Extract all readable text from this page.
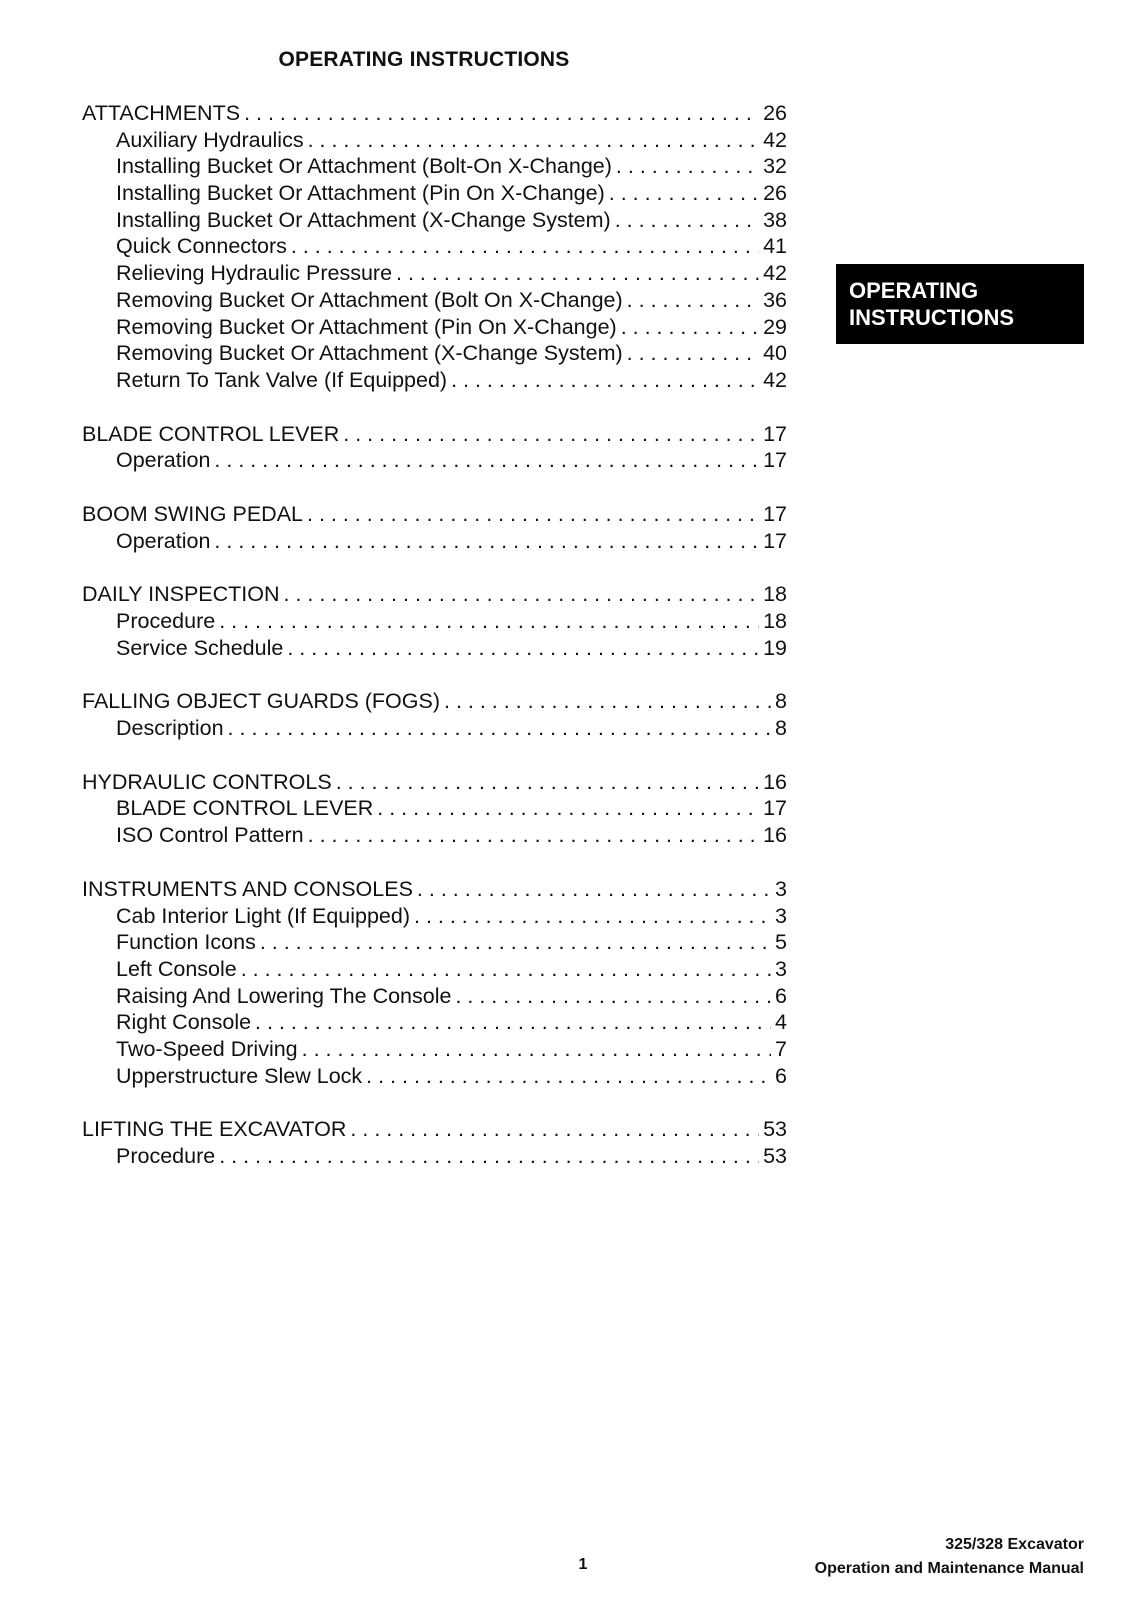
OPERATING INSTRUCTIONS
ATTACHMENTS . . .	26
Auxiliary Hydraulics . . .	42
Installing Bucket Or Attachment (Bolt-On X-Change) . . .	32
Installing Bucket Or Attachment (Pin On X-Change) . . .	26
Installing Bucket Or Attachment (X-Change System) . . .	38
Quick Connectors . . .	41
Relieving Hydraulic Pressure . . .	42
Removing Bucket Or Attachment (Bolt On X-Change) . . .	36
Removing Bucket Or Attachment (Pin On X-Change) . . .	29
Removing Bucket Or Attachment (X-Change System) . . .	40
Return To Tank Valve (If Equipped) . . .	42
BLADE CONTROL LEVER . . .	17
Operation . . .	17
BOOM SWING PEDAL . . .	17
Operation . . .	17
DAILY INSPECTION . . .	18
Procedure . . .	18
Service Schedule . . .	19
FALLING OBJECT GUARDS (FOGS) . . .	8
Description . . .	8
HYDRAULIC CONTROLS . . .	16
BLADE CONTROL LEVER . . .	17
ISO Control Pattern . . .	16
INSTRUMENTS AND CONSOLES . . .	3
Cab Interior Light (If Equipped) . . .	3
Function Icons . . .	5
Left Console . . .	3
Raising And Lowering The Console . . .	6
Right Console . . .	4
Two-Speed Driving . . .	7
Upperstructure Slew Lock . . .	6
LIFTING THE EXCAVATOR . . .	53
Procedure . . .	53
OPERATING
INSTRUCTIONS
1
325/328 Excavator
Operation and Maintenance Manual
